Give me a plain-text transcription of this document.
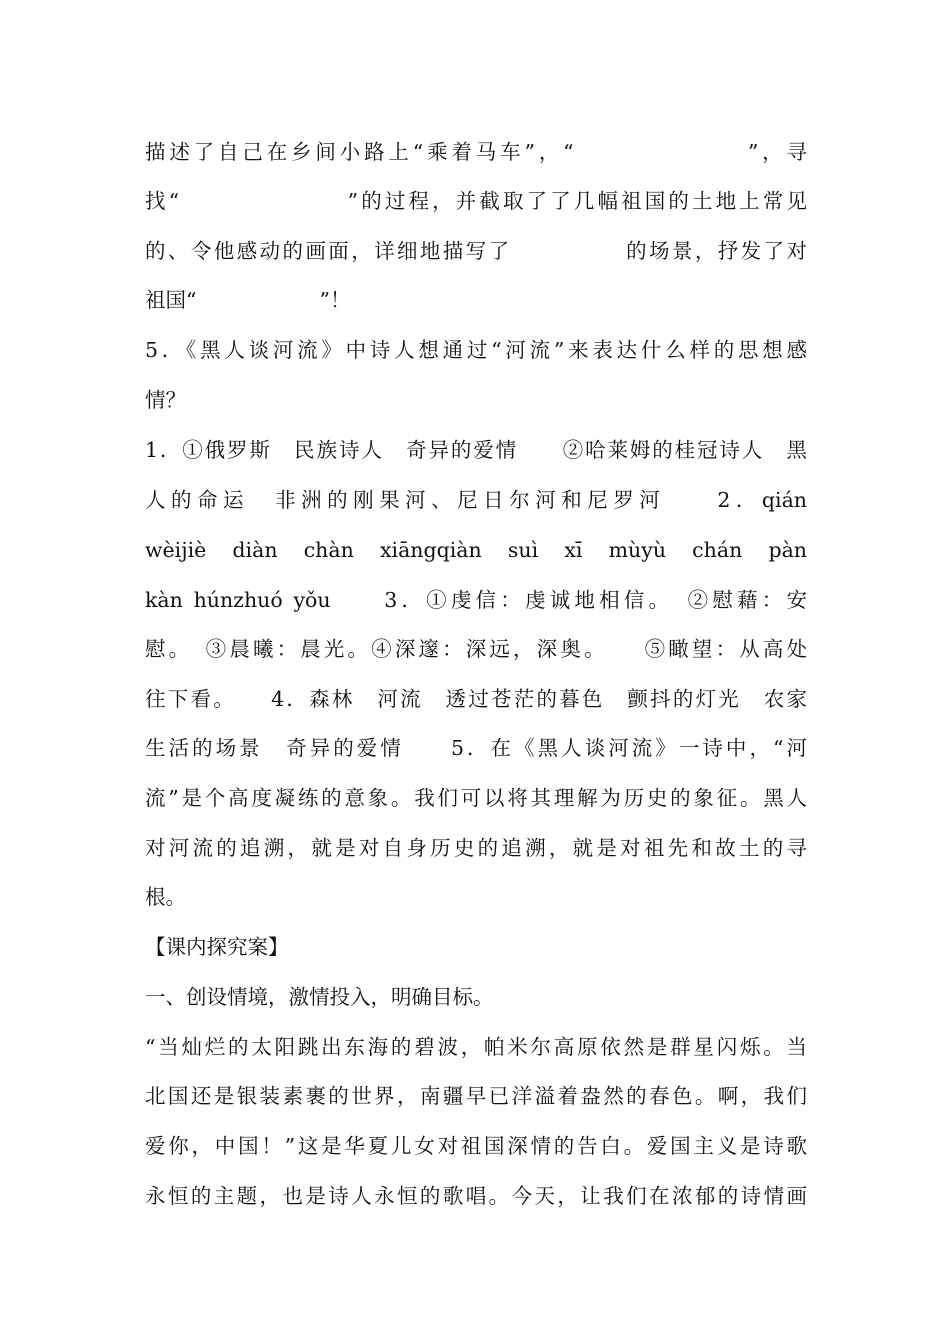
描述了自己在乡间小路上“乘着马车”，“　　　　　　　”，寻
找“　　　　　　　”的过程，并截取了了几幅祖国的土地上常见
的、令他感动的画面，详细地描写了　　　　　的场景，抒发了对
祖国“　　　　　　”！
5．《黑人谈河流》中诗人想通过“河流”来表达什么样的思想感
情？
1．①俄罗斯　民族诗人　奇异的爱情　　②哈莱姆的桂冠诗人　黑
人的命运　非洲的刚果河、尼日尔河和尼罗河　　2．qián
wèijiè diàn chàn xiāngqiàn suì xī mùyù chán pàn
kàn húnzhuó yǒu　　3．①虔信：虔诚地相信。　②慰藉：安
慰。　③晨曦：晨光。④深邃：深远，深奥。　　⑤瞰望：从高处
往下看。　　4．森林　河流　透过苍茫的暮色　颤抖的灯光　农家
生活的场景　奇异的爱情　　5．在《黑人谈河流》一诗中，“河
流”是个高度凝练的意象。我们可以将其理解为历史的象征。黑人
对河流的追溯，就是对自身历史的追溯，就是对祖先和故土的寻
根。
【课内探究案】
一、创设情境，激情投入，明确目标。
“当灿烂的太阳跳出东海的碧波，帕米尔高原依然是群星闪烁。当
北国还是银装素裹的世界，南疆早已洋溢着盎然的春色。啊，我们
爱你，中国！”这是华夏儿女对祖国深情的告白。爱国主义是诗歌
永恒的主题，也是诗人永恒的歌唱。今天，让我们在浓郁的诗情画
